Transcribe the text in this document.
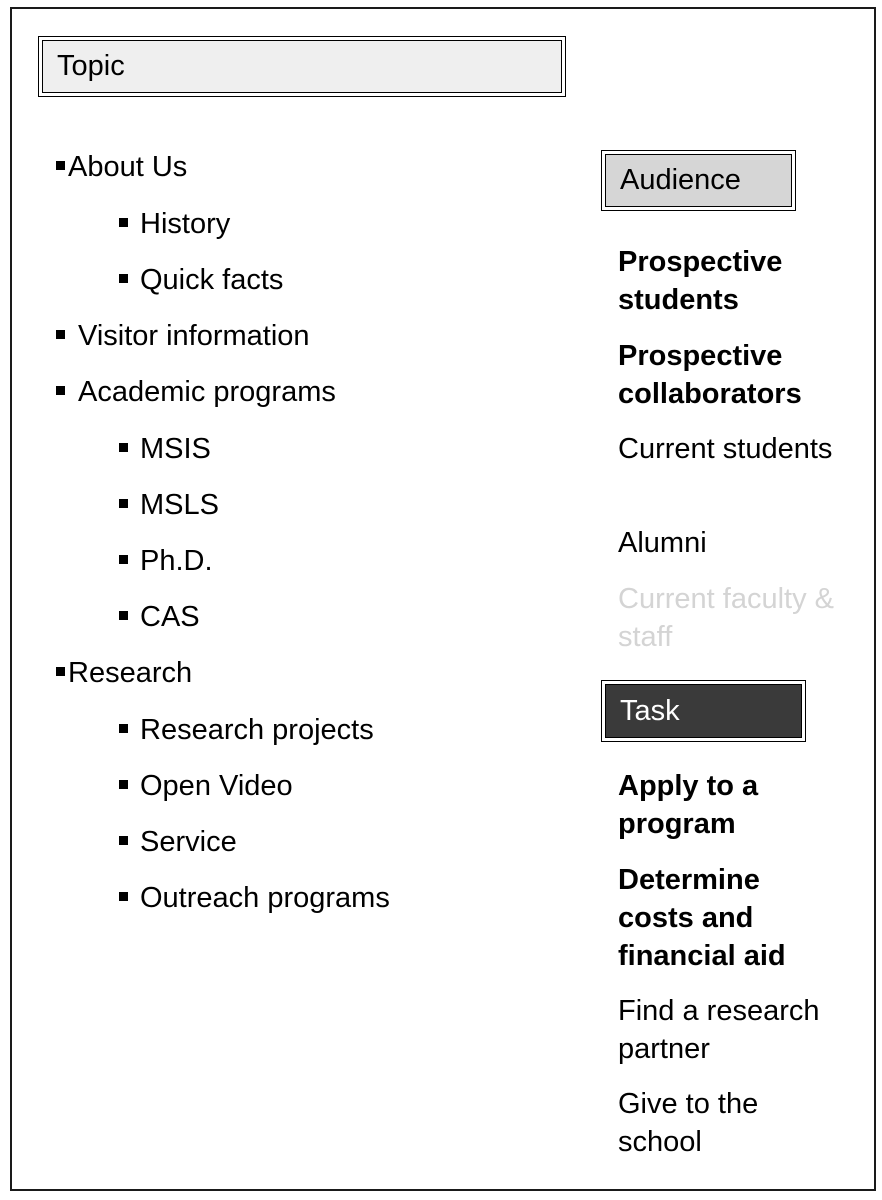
Topic
About Us
History
Quick facts
Visitor information
Academic programs
MSIS
MSLS
Ph.D.
CAS
Research
Research projects
Open Video
Service
Outreach programs
Audience
Prospective students
Prospective collaborators
Current students
Alumni
Current faculty & staff
Task
Apply to a program
Determine costs and financial aid
Find a research partner
Give to the school
